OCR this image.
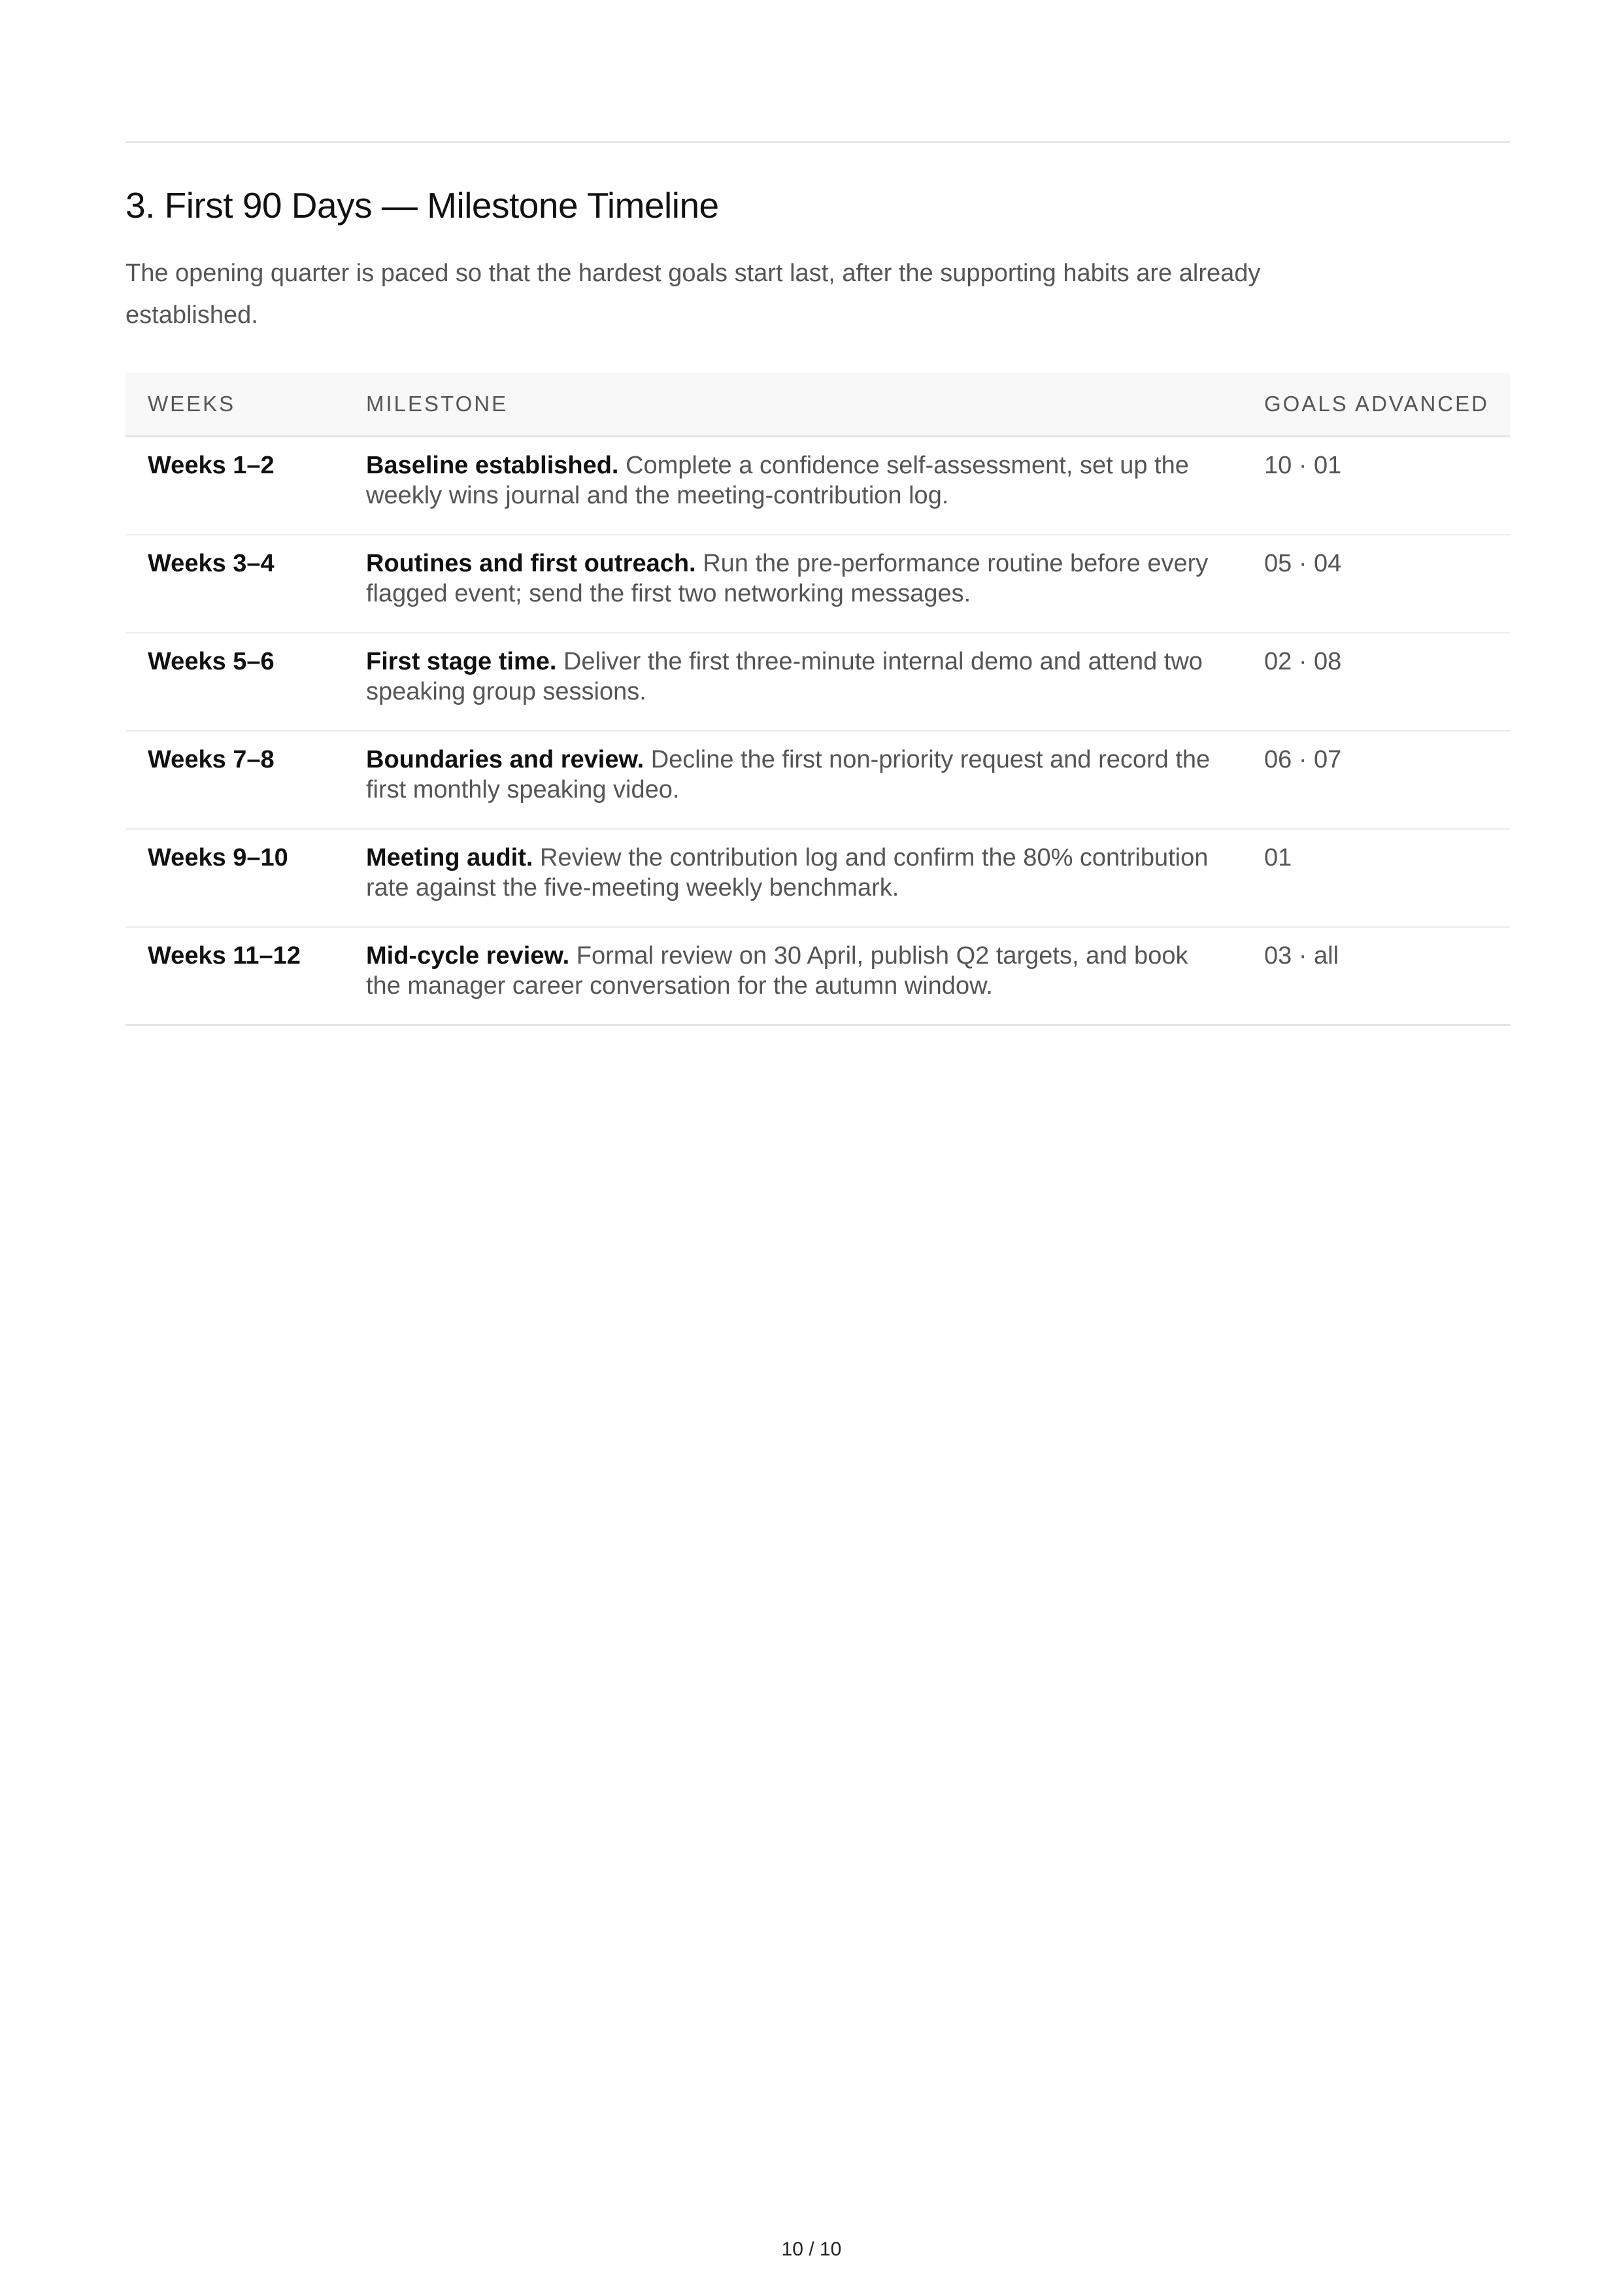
3. First 90 Days — Milestone Timeline

The opening quarter is paced so that the hardest goals start last, after the supporting habits are already established.

WEEKS	MILESTONE	GOALS ADVANCED
Weeks 1–2	Baseline established. Complete a confidence self-assessment, set up the weekly wins journal and the meeting-contribution log.	10 · 01
Weeks 3–4	Routines and first outreach. Run the pre-performance routine before every flagged event; send the first two networking messages.	05 · 04
Weeks 5–6	First stage time. Deliver the first three-minute internal demo and attend two speaking group sessions.	02 · 08
Weeks 7–8	Boundaries and review. Decline the first non-priority request and record the first monthly speaking video.	06 · 07
Weeks 9–10	Meeting audit. Review the contribution log and confirm the 80% contribution rate against the five-meeting weekly benchmark.	01
Weeks 11–12	Mid-cycle review. Formal review on 30 April, publish Q2 targets, and book the manager career conversation for the autumn window.	03 · all
10 / 10
